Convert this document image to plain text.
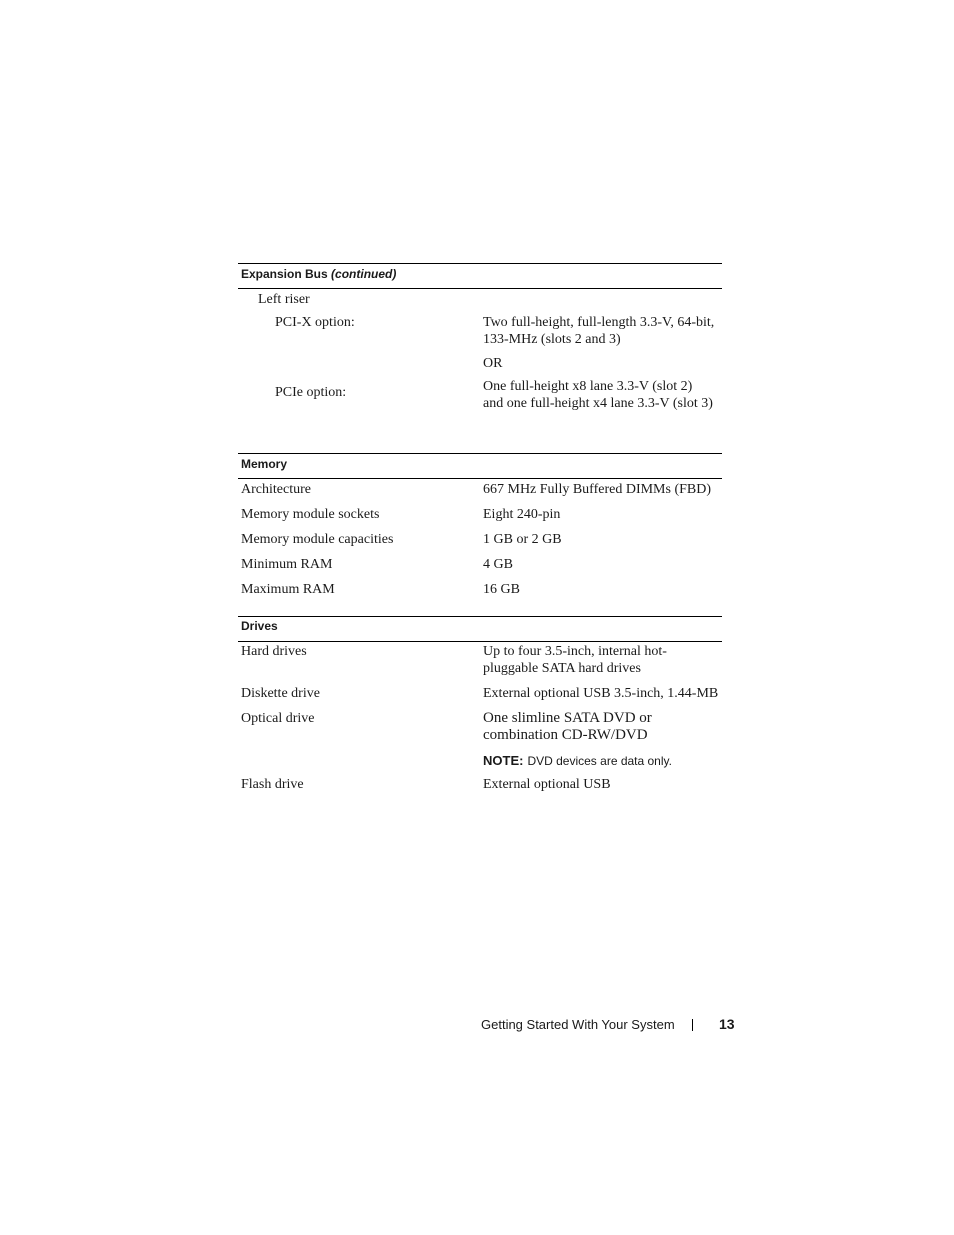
Expansion Bus (continued)
Left riser
PCI-X option:	Two full-height, full-length 3.3-V, 64-bit,
133-MHz (slots 2 and 3)
OR
PCIe option:	One full-height x8 lane 3.3-V (slot 2)
and one full-height x4 lane 3.3-V (slot 3)
Memory
Architecture	667 MHz Fully Buffered DIMMs (FBD)
Memory module sockets	Eight 240-pin
Memory module capacities	1 GB or 2 GB
Minimum RAM	4 GB
Maximum RAM	16 GB
Drives
Hard drives	Up to four 3.5-inch, internal hot-
pluggable SATA hard drives
Diskette drive	External optional USB 3.5-inch, 1.44-MB
Optical drive	One slimline SATA DVD or
combination CD-RW/DVD
NOTE: DVD devices are data only.
Flash drive	External optional USB
Getting Started With Your System	13
